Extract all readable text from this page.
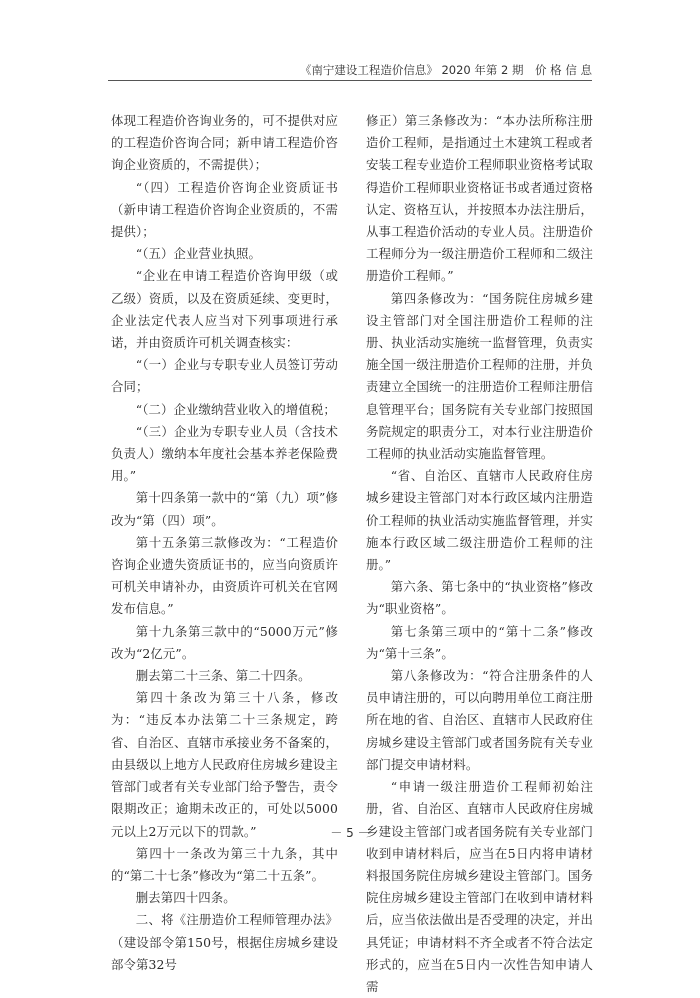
《南宁建设工程造价信息》 2020 年第 2 期　价 格 信 息

体现工程造价咨询业务的，可不提供对应的工程造价咨询合同；新申请工程造价咨询企业资质的，不需提供）；

“（四）工程造价咨询企业资质证书（新申请工程造价咨询企业资质的，不需提供）；

“（五）企业营业执照。

“企业在申请工程造价咨询甲级（或乙级）资质，以及在资质延续、变更时，企业法定代表人应当对下列事项进行承诺，并由资质许可机关调查核实：

“（一）企业与专职专业人员签订劳动合同；

“（二）企业缴纳营业收入的增值税；

“（三）企业为专职专业人员（含技术负责人）缴纳本年度社会基本养老保险费用。”

第十四条第一款中的“第（九）项”修改为“第（四）项”。

第十五条第三款修改为：“工程造价咨询企业遗失资质证书的，应当向资质许可机关申请补办，由资质许可机关在官网发布信息。”

第十九条第三款中的“5000万元”修改为“2亿元”。

删去第二十三条、第二十四条。

第四十条改为第三十八条，修改为：“违反本办法第二十三条规定，跨省、自治区、直辖市承接业务不备案的，由县级以上地方人民政府住房城乡建设主管部门或者有关专业部门给予警告，责令限期改正；逾期未改正的，可处以5000元以上2万元以下的罚款。”

第四十一条改为第三十九条，其中的“第二十七条”修改为“第二十五条”。

删去第四十四条。

二、将《注册造价工程师管理办法》（建设部令第150号，根据住房城乡建设部令第32号

修正）第三条修改为：“本办法所称注册造价工程师，是指通过土木建筑工程或者安装工程专业造价工程师职业资格考试取得造价工程师职业资格证书或者通过资格认定、资格互认，并按照本办法注册后，从事工程造价活动的专业人员。注册造价工程师分为一级注册造价工程师和二级注册造价工程师。”

第四条修改为：“国务院住房城乡建设主管部门对全国注册造价工程师的注册、执业活动实施统一监督管理，负责实施全国一级注册造价工程师的注册，并负责建立全国统一的注册造价工程师注册信息管理平台；国务院有关专业部门按照国务院规定的职责分工，对本行业注册造价工程师的执业活动实施监督管理。

“省、自治区、直辖市人民政府住房城乡建设主管部门对本行政区域内注册造价工程师的执业活动实施监督管理，并实施本行政区域二级注册造价工程师的注册。”

第六条、第七条中的“执业资格”修改为“职业资格”。

第七条第三项中的“第十二条”修改为“第十三条”。

第八条修改为：“符合注册条件的人员申请注册的，可以向聘用单位工商注册所在地的省、自治区、直辖市人民政府住房城乡建设主管部门或者国务院有关专业部门提交申请材料。

“申请一级注册造价工程师初始注册，省、自治区、直辖市人民政府住房城乡建设主管部门或者国务院有关专业部门收到申请材料后，应当在5日内将申请材料报国务院住房城乡建设主管部门。国务院住房城乡建设主管部门在收到申请材料后，应当依法做出是否受理的决定，并出具凭证；申请材料不齐全或者不符合法定形式的，应当在5日内一次性告知申请人需

－ 5 －
